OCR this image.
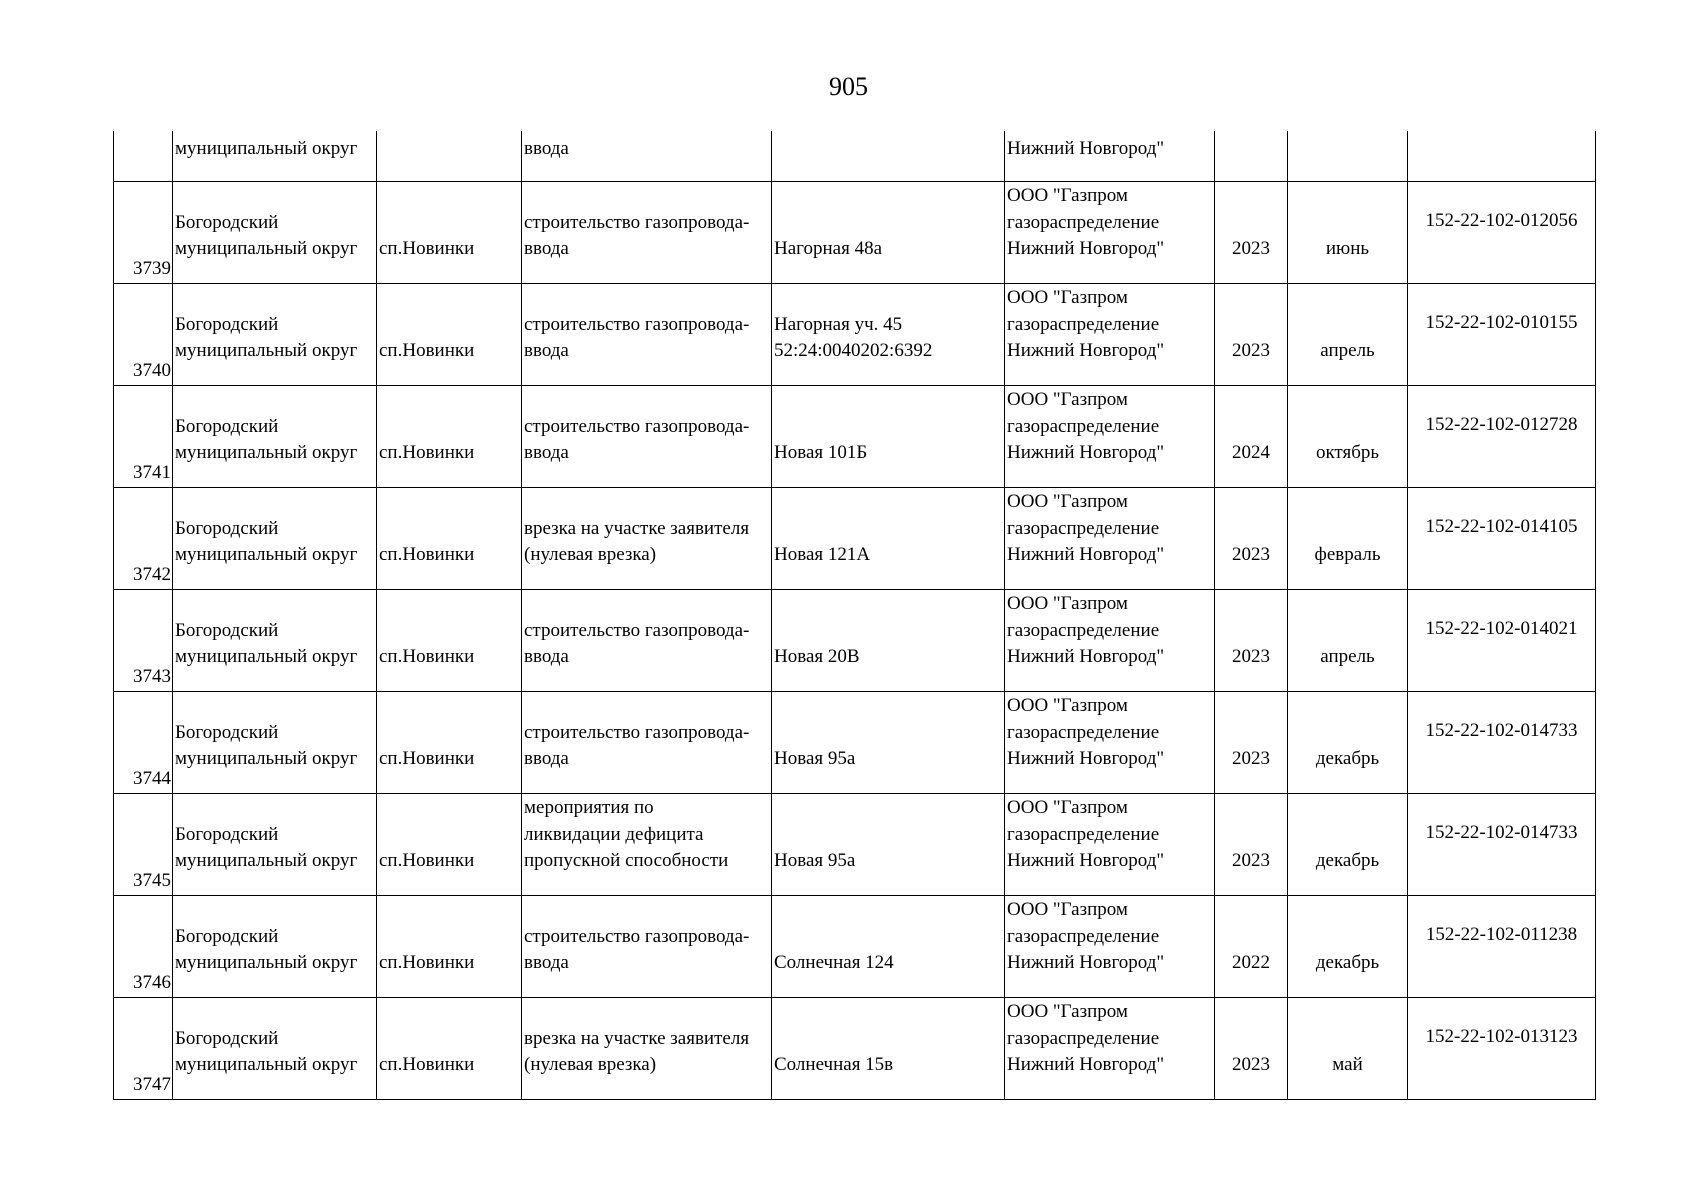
905
	муниципальный округ		ввода		Нижний Новгород"			
3739	Богородский
муниципальный округ	сп.Новинки	строительство газопровода-
ввода	Нагорная 48а	ООО "Газпром
газораспределение
Нижний Новгород"	2023	июнь	152-22-102-012056
3740	Богородский
муниципальный округ	сп.Новинки	строительство газопровода-
ввода	Нагорная уч. 45
52:24:0040202:6392	ООО "Газпром
газораспределение
Нижний Новгород"	2023	апрель	152-22-102-010155
3741	Богородский
муниципальный округ	сп.Новинки	строительство газопровода-
ввода	Новая 101Б	ООО "Газпром
газораспределение
Нижний Новгород"	2024	октябрь	152-22-102-012728
3742	Богородский
муниципальный округ	сп.Новинки	врезка на участке заявителя
(нулевая врезка)	Новая 121А	ООО "Газпром
газораспределение
Нижний Новгород"	2023	февраль	152-22-102-014105
3743	Богородский
муниципальный округ	сп.Новинки	строительство газопровода-
ввода	Новая 20В	ООО "Газпром
газораспределение
Нижний Новгород"	2023	апрель	152-22-102-014021
3744	Богородский
муниципальный округ	сп.Новинки	строительство газопровода-
ввода	Новая 95а	ООО "Газпром
газораспределение
Нижний Новгород"	2023	декабрь	152-22-102-014733
3745	Богородский
муниципальный округ	сп.Новинки	мероприятия по
ликвидации дефицита
пропускной способности	Новая 95а	ООО "Газпром
газораспределение
Нижний Новгород"	2023	декабрь	152-22-102-014733
3746	Богородский
муниципальный округ	сп.Новинки	строительство газопровода-
ввода	Солнечная 124	ООО "Газпром
газораспределение
Нижний Новгород"	2022	декабрь	152-22-102-011238
3747	Богородский
муниципальный округ	сп.Новинки	врезка на участке заявителя
(нулевая врезка)	Солнечная 15в	ООО "Газпром
газораспределение
Нижний Новгород"	2023	май	152-22-102-013123
